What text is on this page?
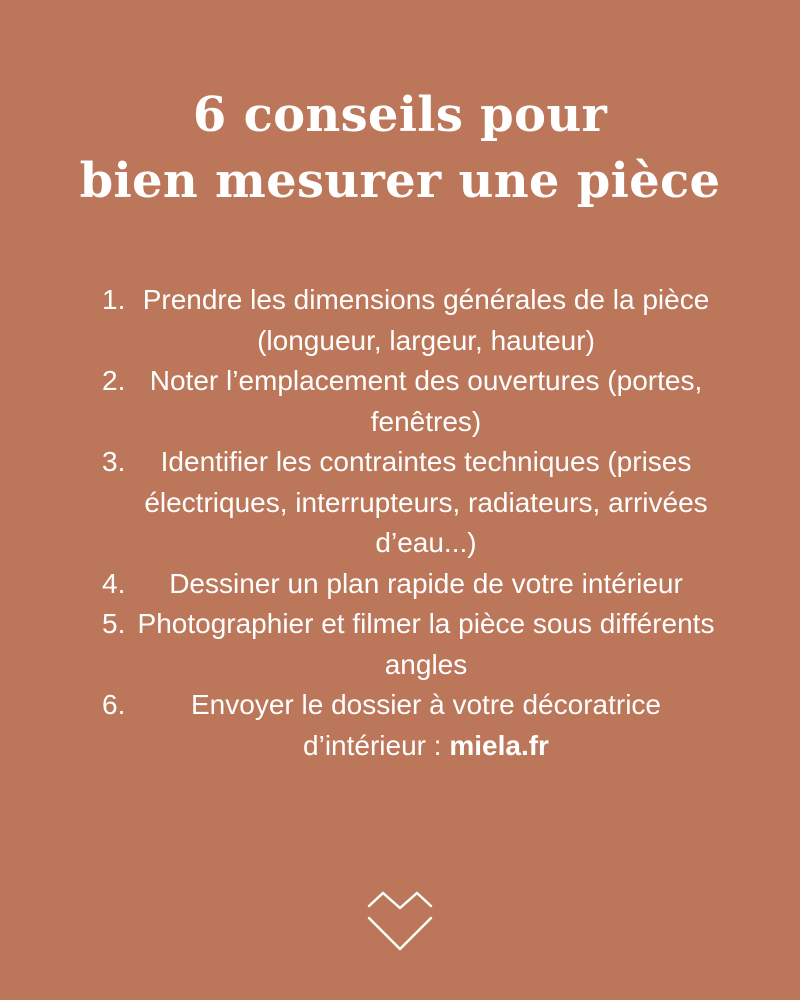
6 conseils pour
bien mesurer une pièce
1. Prendre les dimensions générales de la pièce (longueur, largeur, hauteur)
2. Noter l’emplacement des ouvertures (portes, fenêtres)
3.	Identifier les contraintes techniques (prises électriques, interrupteurs, radiateurs, arrivées d’eau...)
4.	Dessiner un plan rapide de votre intérieur
5. Photographier et filmer la pièce sous différents angles
6.	Envoyer le dossier à votre décoratrice d’intérieur : miela.fr
